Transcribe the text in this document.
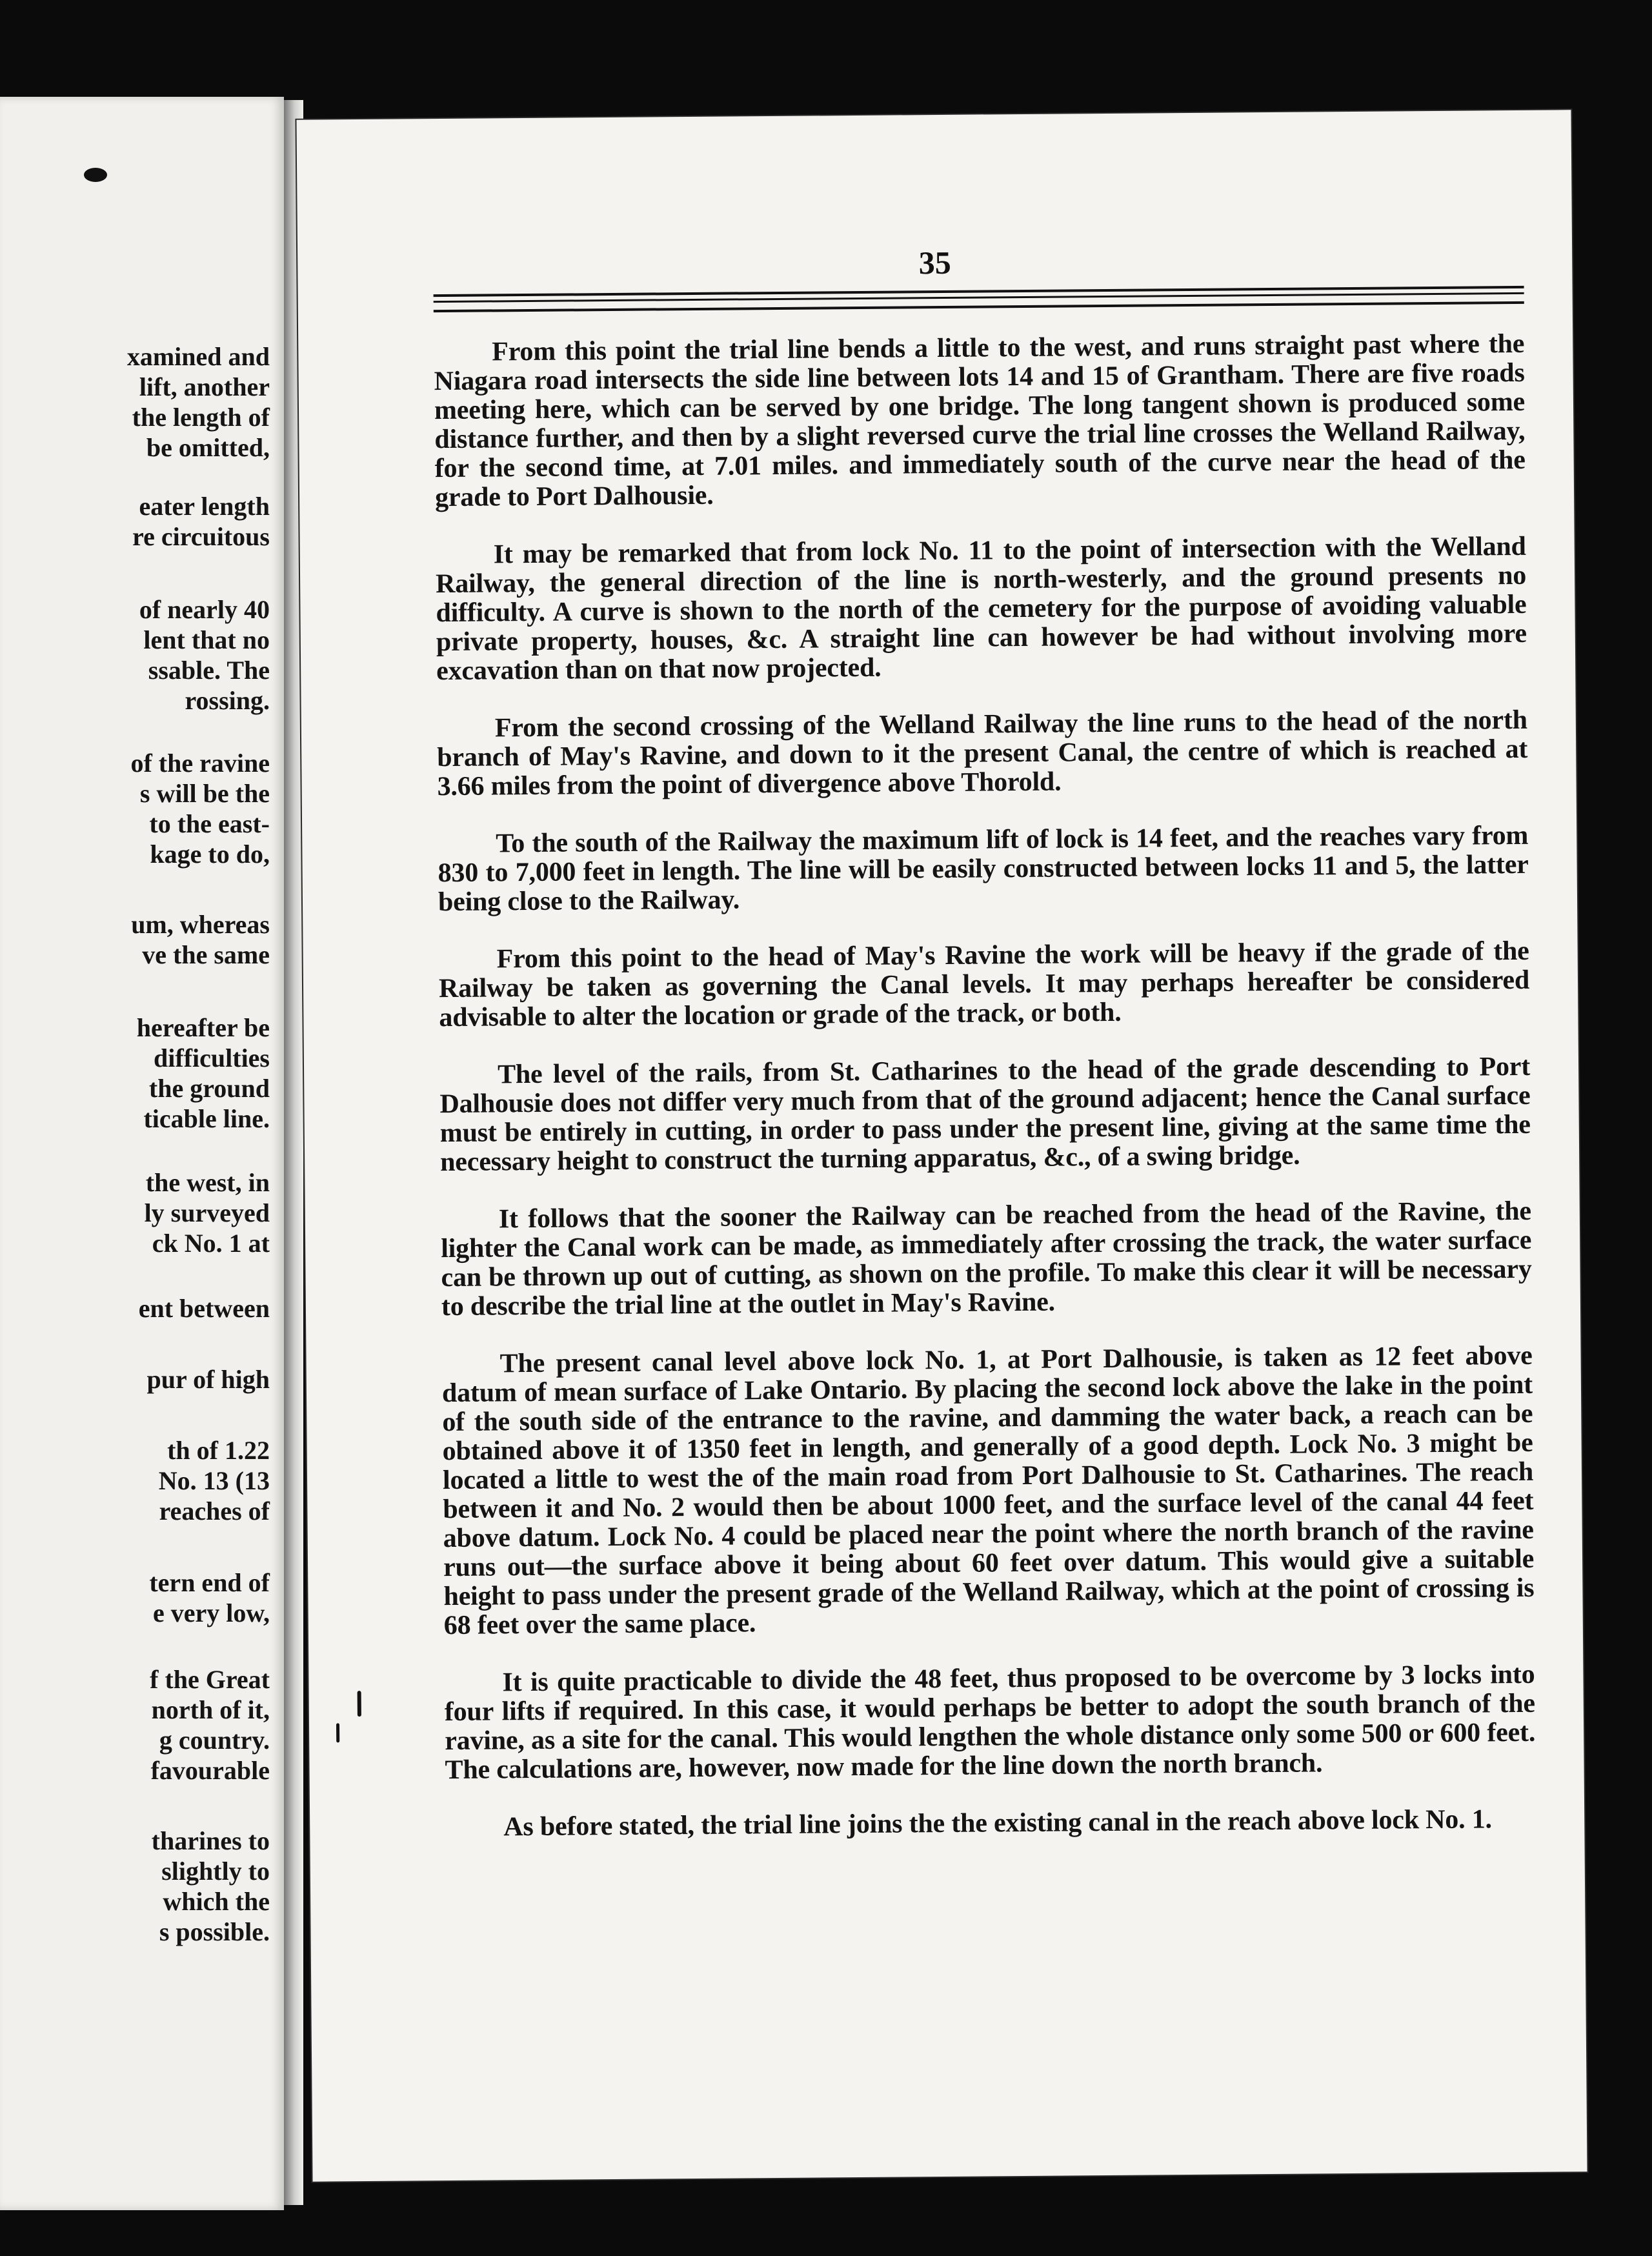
xamined and
lift, another
the length of
be omitted,
eater length
re circuitous
of nearly 40
lent that no
ssable. The
rossing.
of the ravine
s will be the
to the east-
kage to do,
um, whereas
ve the same
hereafter be
difficulties
the ground
ticable line.
the west, in
ly surveyed
ck No. 1 at
ent between
pur of high
th of 1.22
No. 13 (13
reaches of
tern end of
e very low,
f the Great
north of it,
g country.
favourable
tharines to
slightly to
which the
s possible.
35

From this point the trial line bends a little to the west, and runs straight past where the Niagara road intersects the side line between lots 14 and 15 of Grantham. There are five roads meeting here, which can be served by one bridge. The long tangent shown is produced some distance further, and then by a slight reversed curve the trial line crosses the Welland Railway, for the second time, at 7.01 miles. and immediately south of the curve near the head of the grade to Port Dalhousie.

It may be remarked that from lock No. 11 to the point of intersection with the Welland Railway, the general direction of the line is north-westerly, and the ground presents no difficulty. A curve is shown to the north of the cemetery for the purpose of avoiding valuable private property, houses, &c. A straight line can however be had without involving more excavation than on that now projected.

From the second crossing of the Welland Railway the line runs to the head of the north branch of May's Ravine, and down to it the present Canal, the centre of which is reached at 3.66 miles from the point of divergence above Thorold.

To the south of the Railway the maximum lift of lock is 14 feet, and the reaches vary from 830 to 7,000 feet in length. The line will be easily constructed between locks 11 and 5, the latter being close to the Railway.

From this point to the head of May's Ravine the work will be heavy if the grade of the Railway be taken as governing the Canal levels. It may perhaps hereafter be considered advisable to alter the location or grade of the track, or both.

The level of the rails, from St. Catharines to the head of the grade descending to Port Dalhousie does not differ very much from that of the ground adjacent; hence the Canal surface must be entirely in cutting, in order to pass under the present line, giving at the same time the necessary height to construct the turning apparatus, &c., of a swing bridge.

It follows that the sooner the Railway can be reached from the head of the Ravine, the lighter the Canal work can be made, as immediately after crossing the track, the water surface can be thrown up out of cutting, as shown on the profile. To make this clear it will be necessary to describe the trial line at the outlet in May's Ravine.

The present canal level above lock No. 1, at Port Dalhousie, is taken as 12 feet above datum of mean surface of Lake Ontario. By placing the second lock above the lake in the point of the south side of the entrance to the ravine, and damming the water back, a reach can be obtained above it of 1350 feet in length, and generally of a good depth. Lock No. 3 might be located a little to west the of the main road from Port Dalhousie to St. Catharines. The reach between it and No. 2 would then be about 1000 feet, and the surface level of the canal 44 feet above datum. Lock No. 4 could be placed near the point where the north branch of the ravine runs out—the surface above it being about 60 feet over datum. This would give a suitable height to pass under the present grade of the Welland Railway, which at the point of crossing is 68 feet over the same place.

It is quite practicable to divide the 48 feet, thus proposed to be overcome by 3 locks into four lifts if required. In this case, it would perhaps be better to adopt the south branch of the ravine, as a site for the canal. This would lengthen the whole distance only some 500 or 600 feet. The calculations are, however, now made for the line down the north branch.

As before stated, the trial line joins the the existing canal in the reach above lock No. 1.
